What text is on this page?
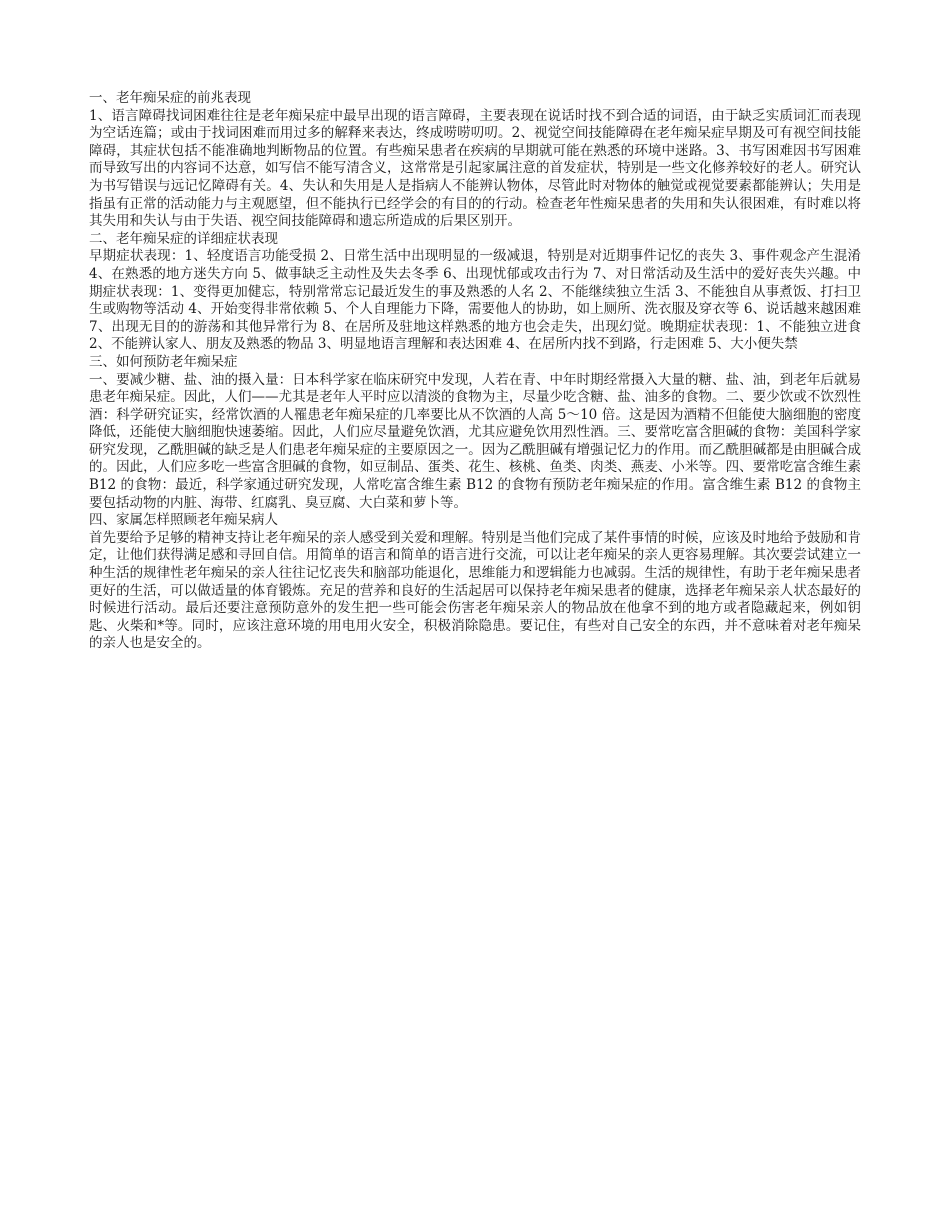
一、老年痴呆症的前兆表现

1、语言障碍找词困难往往是老年痴呆症中最早出现的语言障碍，主要表现在说话时找不到合适的词语，由于缺乏实质词汇而表现为空话连篇；或由于找词困难而用过多的解释来表达，终成唠唠叨叨。2、视觉空间技能障碍在老年痴呆症早期及可有视空间技能障碍，其症状包括不能准确地判断物品的位置。有些痴呆患者在疾病的早期就可能在熟悉的环境中迷路。3、书写困难因书写困难而导致写出的内容词不达意，如写信不能写清含义，这常常是引起家属注意的首发症状，特别是一些文化修养较好的老人。研究认为书写错误与远记忆障碍有关。4、失认和失用是人是指病人不能辨认物体，尽管此时对物体的触觉或视觉要素都能辨认；失用是指虽有正常的活动能力与主观愿望，但不能执行已经学会的有目的的行动。检查老年性痴呆患者的失用和失认很困难，有时难以将其失用和失认与由于失语、视空间技能障碍和遗忘所造成的后果区别开。

二、老年痴呆症的详细症状表现

早期症状表现：1、轻度语言功能受损 2、日常生活中出现明显的一级减退，特别是对近期事件记忆的丧失 3、事件观念产生混淆 4、在熟悉的地方迷失方向 5、做事缺乏主动性及失去冬季 6、出现忧郁或攻击行为 7、对日常活动及生活中的爱好丧失兴趣。中期症状表现：1、变得更加健忘，特别常常忘记最近发生的事及熟悉的人名 2、不能继续独立生活 3、不能独自从事煮饭、打扫卫生或购物等活动 4、开始变得非常依赖 5、个人自理能力下降，需要他人的协助，如上厕所、洗衣服及穿衣等 6、说话越来越困难 7、出现无目的的游荡和其他异常行为 8、在居所及驻地这样熟悉的地方也会走失，出现幻觉。晚期症状表现：1、不能独立进食 2、不能辨认家人、朋友及熟悉的物品 3、明显地语言理解和表达困难 4、在居所内找不到路，行走困难 5、大小便失禁

三、如何预防老年痴呆症

一、要减少糖、盐、油的摄入量：日本科学家在临床研究中发现，人若在青、中年时期经常摄入大量的糖、盐、油，到老年后就易患老年痴呆症。因此，人们——尤其是老年人平时应以清淡的食物为主，尽量少吃含糖、盐、油多的食物。二、要少饮或不饮烈性酒：科学研究证实，经常饮酒的人罹患老年痴呆症的几率要比从不饮酒的人高 5～10 倍。这是因为酒精不但能使大脑细胞的密度降低，还能使大脑细胞快速萎缩。因此，人们应尽量避免饮酒，尤其应避免饮用烈性酒。三、要常吃富含胆碱的食物：美国科学家研究发现，乙酰胆碱的缺乏是人们患老年痴呆症的主要原因之一。因为乙酰胆碱有增强记忆力的作用。而乙酰胆碱都是由胆碱合成的。因此，人们应多吃一些富含胆碱的食物，如豆制品、蛋类、花生、核桃、鱼类、肉类、燕麦、小米等。四、要常吃富含维生素 B12 的食物：最近，科学家通过研究发现，人常吃富含维生素 B12 的食物有预防老年痴呆症的作用。富含维生素 B12 的食物主要包括动物的内脏、海带、红腐乳、臭豆腐、大白菜和萝卜等。

四、家属怎样照顾老年痴呆病人

首先要给予足够的精神支持让老年痴呆的亲人感受到关爱和理解。特别是当他们完成了某件事情的时候，应该及时地给予鼓励和肯定，让他们获得满足感和寻回自信。用简单的语言和简单的语言进行交流，可以让老年痴呆的亲人更容易理解。其次要尝试建立一种生活的规律性老年痴呆的亲人往往记忆丧失和脑部功能退化，思维能力和逻辑能力也减弱。生活的规律性，有助于老年痴呆患者更好的生活，可以做适量的体育锻炼。充足的营养和良好的生活起居可以保持老年痴呆患者的健康，选择老年痴呆亲人状态最好的时候进行活动。最后还要注意预防意外的发生把一些可能会伤害老年痴呆亲人的物品放在他拿不到的地方或者隐藏起来，例如钥匙、火柴和*等。同时，应该注意环境的用电用火安全，积极消除隐患。要记住，有些对自己安全的东西，并不意味着对老年痴呆的亲人也是安全的。
